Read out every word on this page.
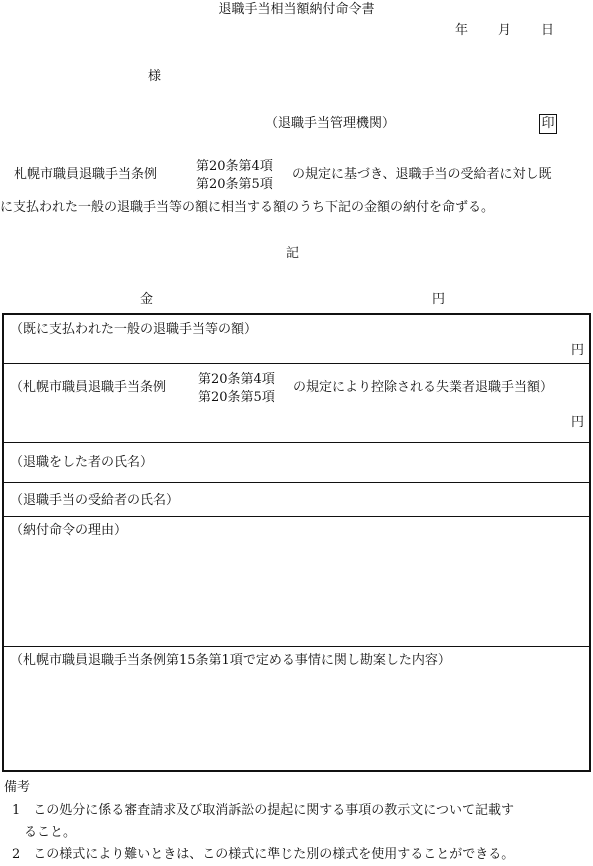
退職手当相当額納付命令書
年 月 日
様
（退職手当管理機関）	印
札幌市職員退職手当条例
第20条第4項
第20条第5項
の規定に基づき、退職手当の受給者に対し既
に支払われた一般の退職手当等の額に相当する額のうち下記の金額の納付を命ずる。
記
金	円
（既に支払われた一般の退職手当等の額）
円
（札幌市職員退職手当条例
第20条第4項
第20条第5項
の規定により控除される失業者退職手当額）
円
（退職をした者の氏名）
（退職手当の受給者の氏名）
（納付命令の理由）
（札幌市職員退職手当条例第15条第1項で定める事情に関し勘案した内容）
備考
1　この処分に係る審査請求及び取消訴訟の提起に関する事項の教示文について記載す
ること。
2　この様式により難いときは、この様式に準じた別の様式を使用することができる。
